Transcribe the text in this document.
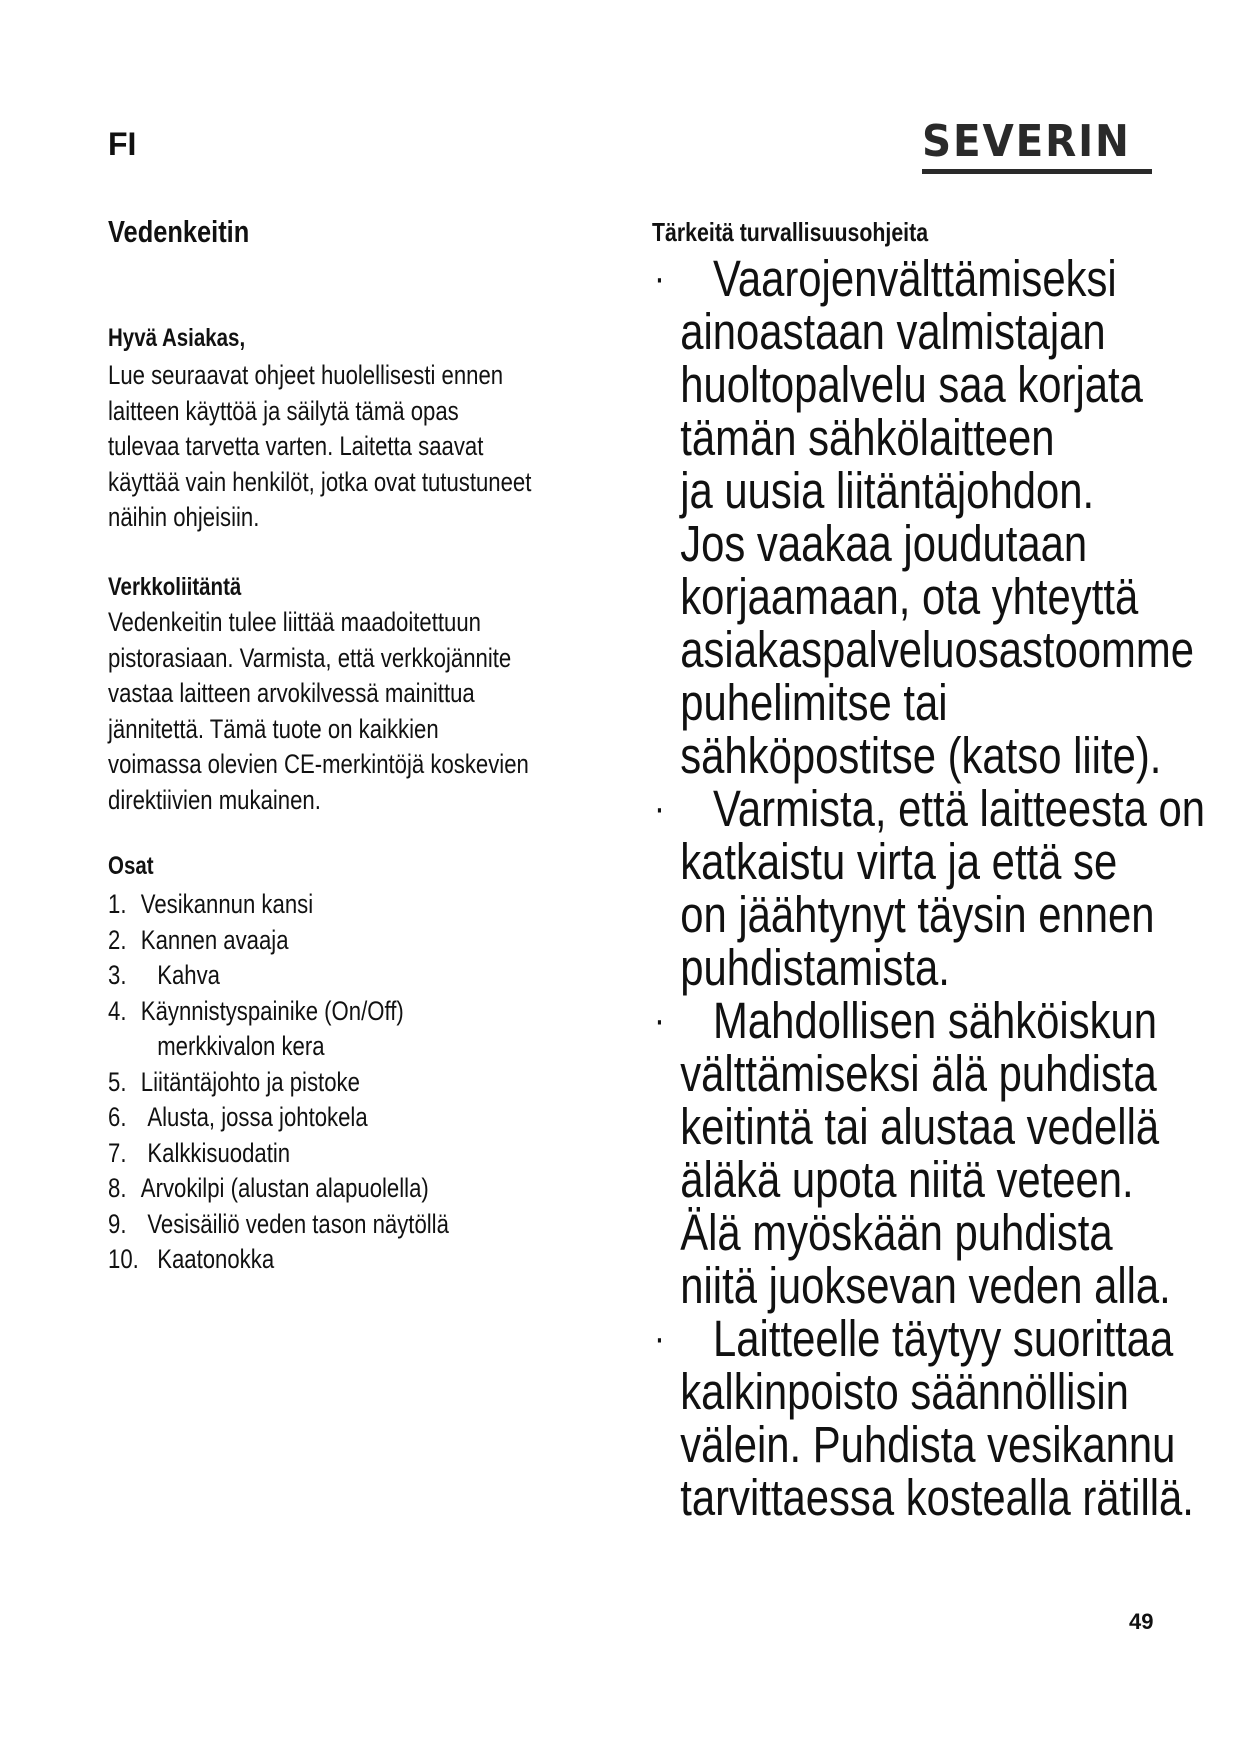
FI	SEVERIN
Vedenkeitin
Hyvä Asiakas,
Lue seuraavat ohjeet huolellisesti ennen
laitteen käyttöä ja säilytä tämä opas
tulevaa tarvetta varten. Laitetta saavat
käyttää vain henkilöt, jotka ovat tutustuneet
näihin ohjeisiin.
Verkkoliitäntä
Vedenkeitin tulee liittää maadoitettuun
pistorasiaan. Varmista, että verkkojännite
vastaa laitteen arvokilvessä mainittua
jännitettä. Tämä tuote on kaikkien
voimassa olevien CE-merkintöjä koskevien
direktiivien mukainen.
Osat
1. Vesikannun kansi
2. Kannen avaaja
3. Kahva
4. Käynnistyspainike (On/Off)
merkkivalon kera
5. Liitäntäjohto ja pistoke
6. Alusta, jossa johtokela
7. Kalkkisuodatin
8. Arvokilpi (alustan alapuolella)
9. Vesisäiliö veden tason näytöllä
10. Kaatonokka
Tärkeitä turvallisuusohjeita
· Vaarojenvälttämiseksi
ainoastaan valmistajan
huoltopalvelu saa korjata
tämän sähkölaitteen
ja uusia liitäntäjohdon.
Jos vaakaa joudutaan
korjaamaan, ota yhteyttä
asiakaspalveluosastoomme
puhelimitse tai
sähköpostitse (katso liite).
· Varmista, että laitteesta on
katkaistu virta ja että se
on jäähtynyt täysin ennen
puhdistamista.
· Mahdollisen sähköiskun
välttämiseksi älä puhdista
keitintä tai alustaa vedellä
äläkä upota niitä veteen.
Älä myöskään puhdista
niitä juoksevan veden alla.
· Laitteelle täytyy suorittaa
kalkinpoisto säännöllisin
välein. Puhdista vesikannu
tarvittaessa kostealla rätillä.
49
